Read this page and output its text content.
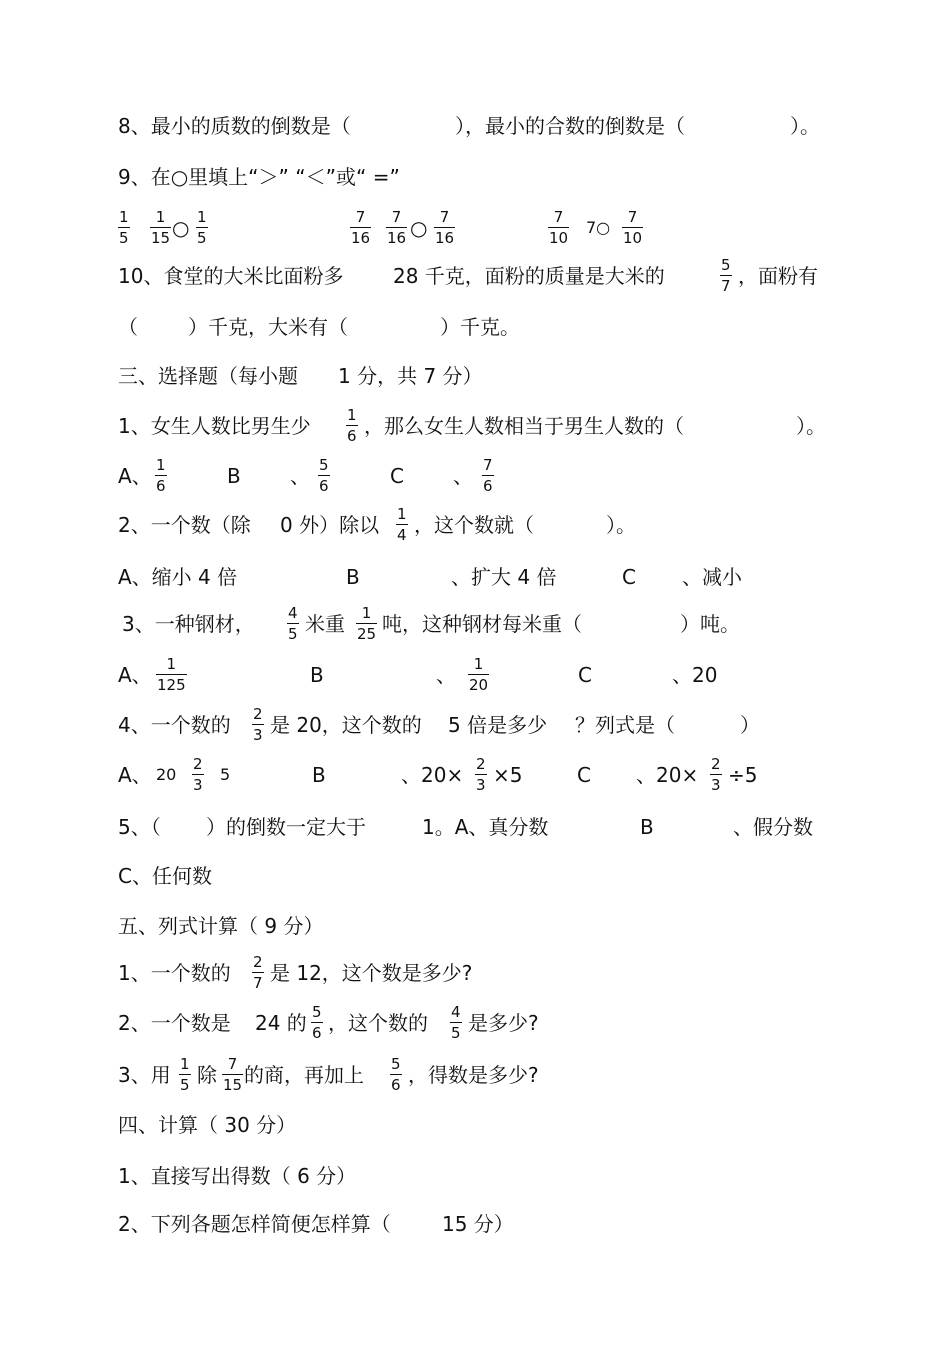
8、最小的质数的倒数是（	），最小的合数的倒数是（	）。
9、在○里填上“＞” “＜”或“ =”
1
5
1
15 ○ 1
5
7
16
7
16 ○ 7
16
7
10
7○
7
10
10、食堂的大米比面粉多 28 千克，面粉的质量是大米的	5
7 ，面粉有
（	）千克，大米有（	）千克。
三、选择题（每小题 1 分，共 7 分）
1、女生人数比男生少 1
6 ，那么女生人数相当于男生人数的（	）。
A、 1
6	B 、 5
6	C 、 7
6
2、一个数（除 0 外）除以 1
4 ，这个数就（	）。
A、缩小 4 倍	B	、扩大 4 倍	C 、减小
3、一种钢材， 4
5 米重 1
25 吨，这种钢材每米重（	）吨。
A、 1
125	B	、 1
20	C	、20
4、一个数的 2
3 是 20，这个数的 5 倍是多少 ？列式是（	）
A、 20
2
3
5	B	、20× 2
3 ×5	C 、20× 2
3 ÷5
5、（ ）的倒数一定大于	1。A、真分数	B	、假分数
C、任何数
五、列式计算（ 9 分）
1、一个数的 2
7 是 12，这个数是多少?
2、一个数是 24 的 5
6 ，这个数的 4
5 是多少?
3、用 1
5 除 7
15 的商，再加上 5
6 ，得数是多少?
四、计算（ 30 分）
1、直接写出得数（ 6 分）
2、下列各题怎样简便怎样算（	15 分）
